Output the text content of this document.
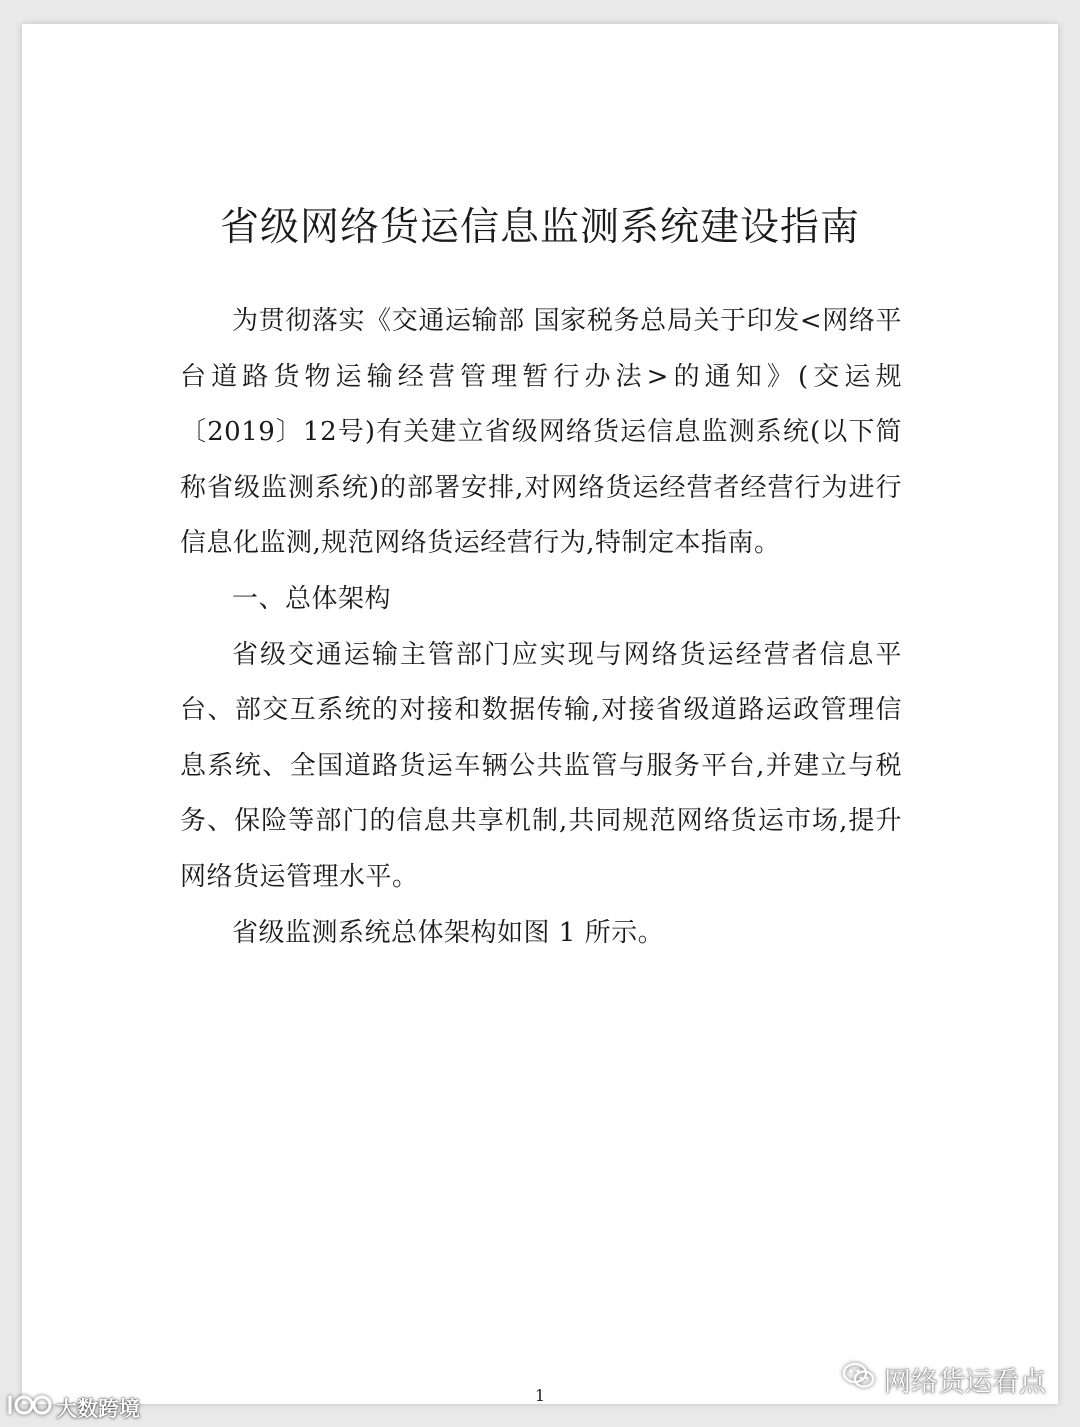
省级网络货运信息监测系统建设指南

为贯彻落实《交通运输部 国家税务总局关于印发<网络平台道路货物运输经营管理暂行办法>的通知》(交运规〔2019〕12号)有关建立省级网络货运信息监测系统(以下简称省级监测系统)的部署安排,对网络货运经营者经营行为进行信息化监测,规范网络货运经营行为,特制定本指南。

一、总体架构

省级交通运输主管部门应实现与网络货运经营者信息平台、部交互系统的对接和数据传输,对接省级道路运政管理信息系统、全国道路货运车辆公共监管与服务平台,并建立与税务、保险等部门的信息共享机制,共同规范网络货运市场,提升网络货运管理水平。

省级监测系统总体架构如图 1 所示。

1	网络货运看点
大数跨境
